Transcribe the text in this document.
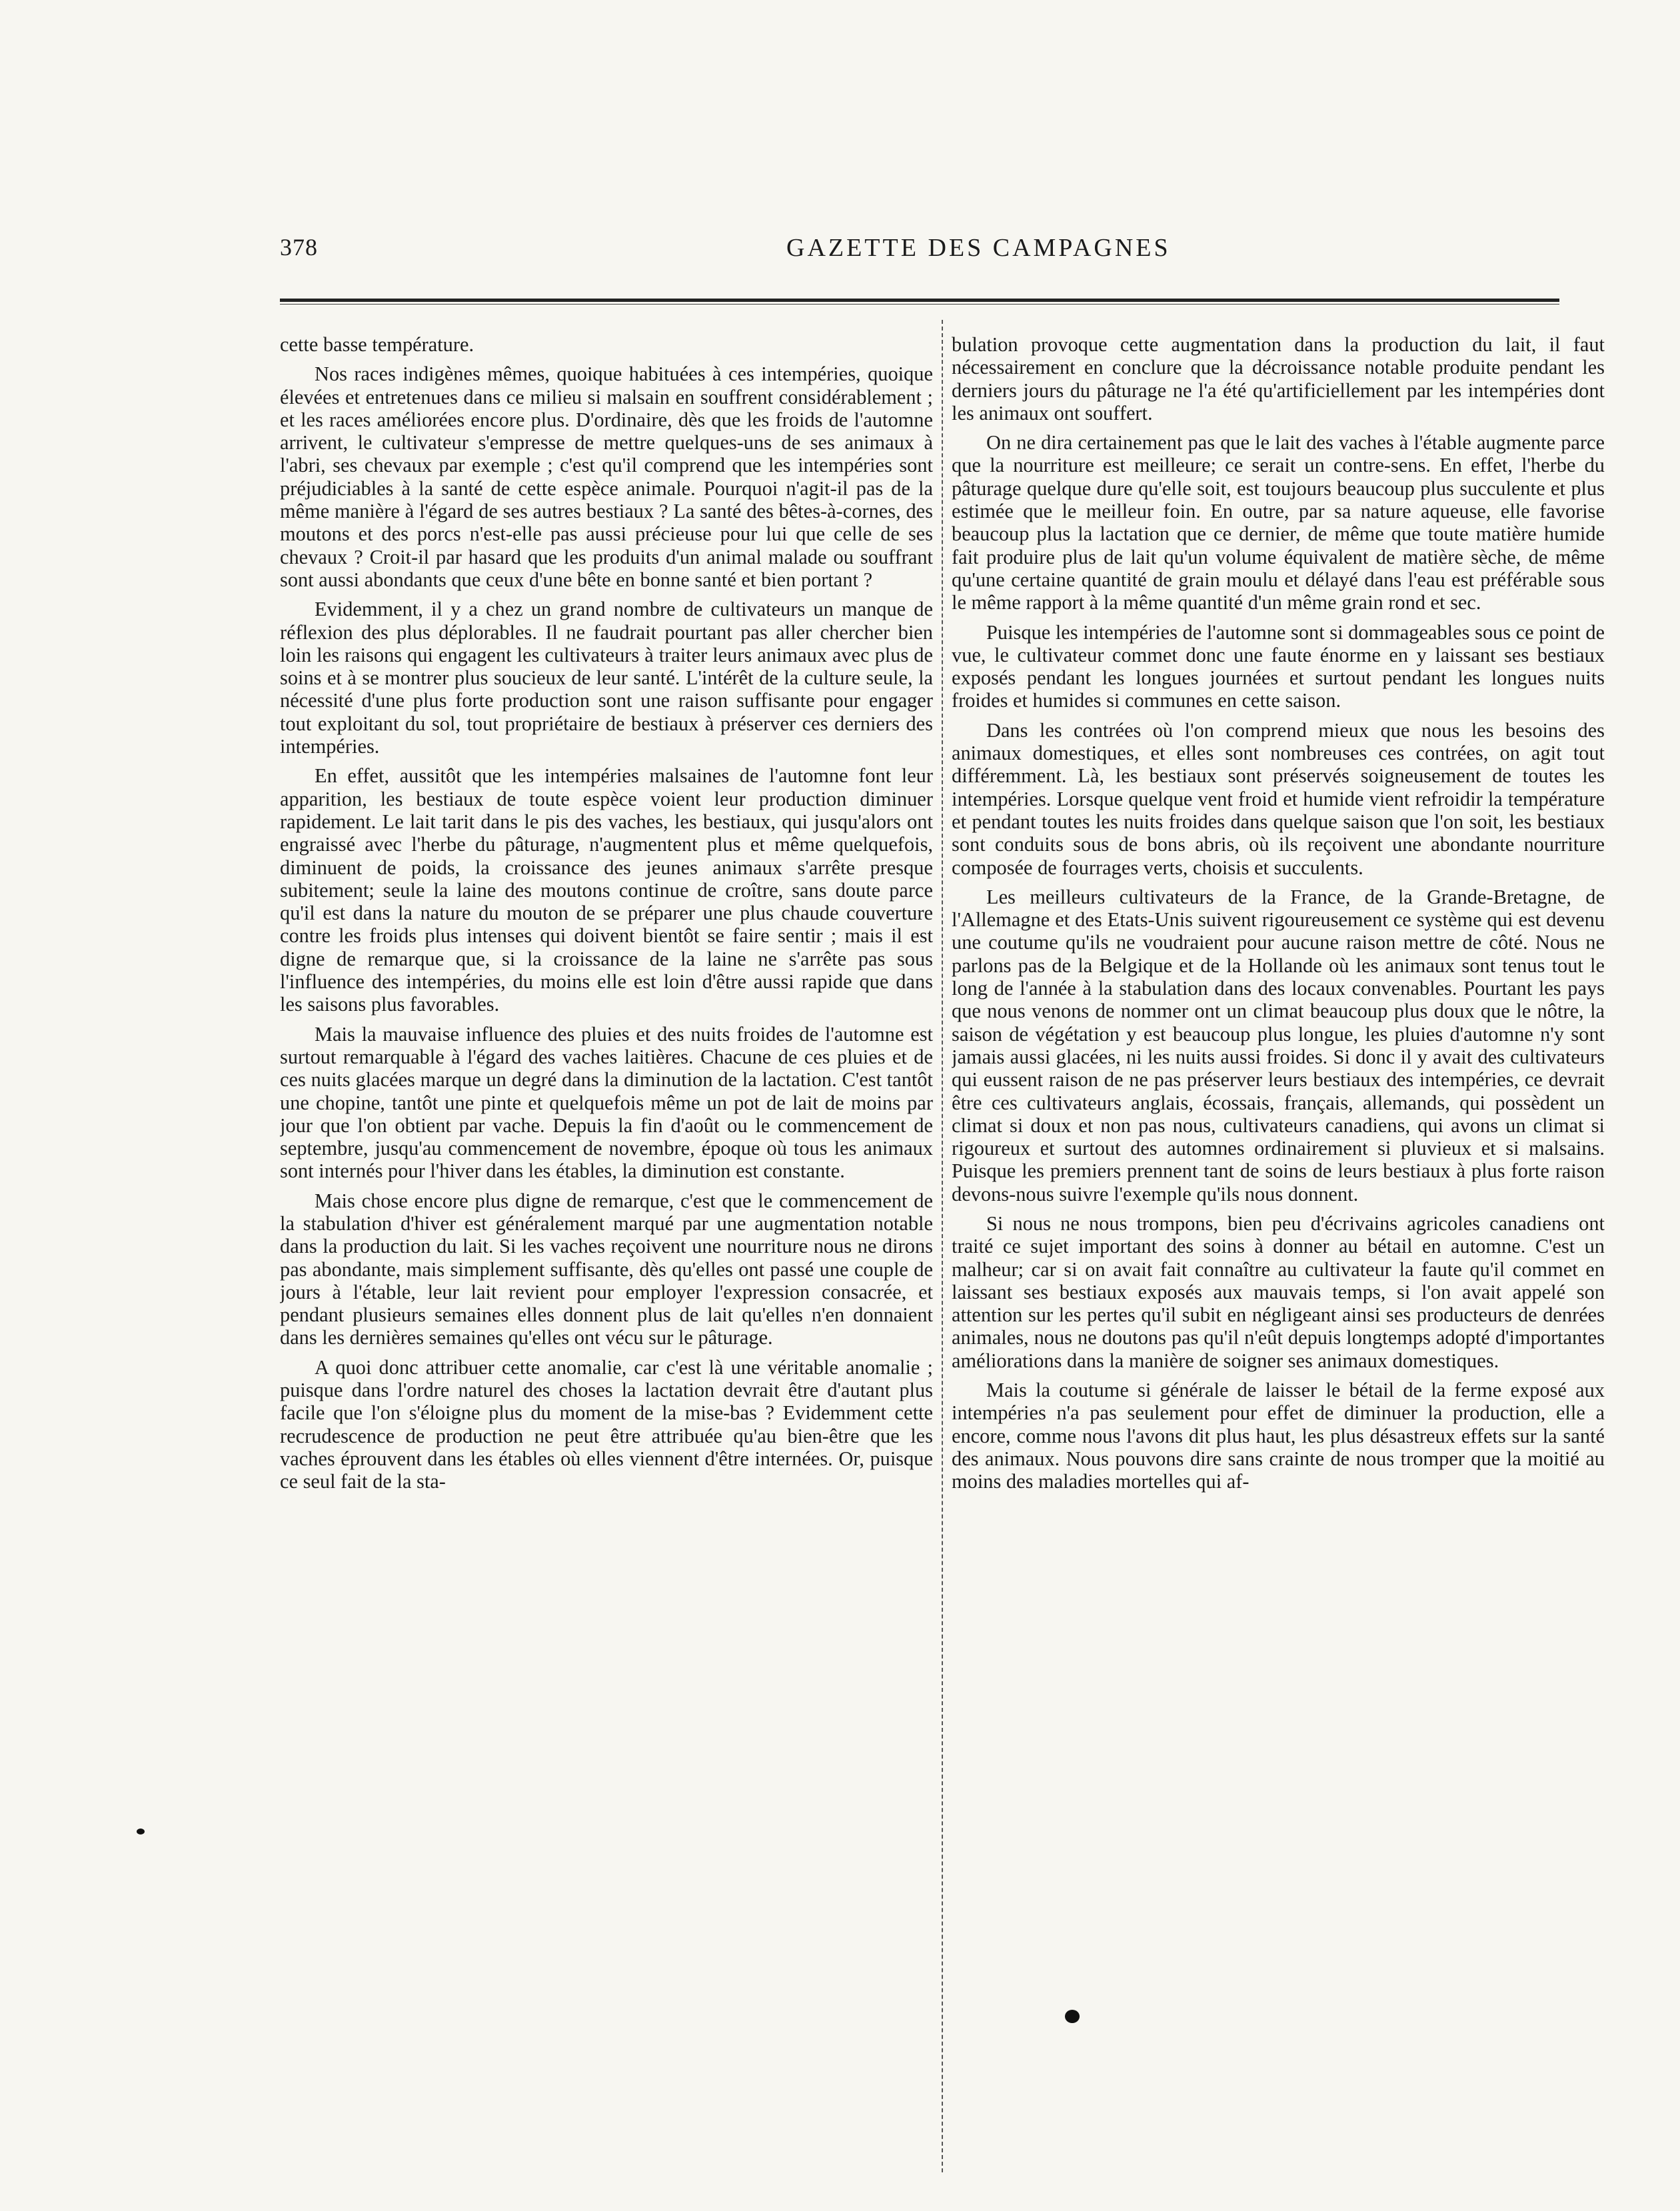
378	GAZETTE DES CAMPAGNES

cette basse température.

Nos races indigènes mêmes, quoique habituées à ces intempéries, quoique élevées et entretenues dans ce milieu si malsain en souffrent considérablement ; et les races améliorées encore plus. D'ordinaire, dès que les froids de l'automne arrivent, le cultivateur s'empresse de mettre quelques-uns de ses animaux à l'abri, ses chevaux par exemple ; c'est qu'il comprend que les intempéries sont préjudiciables à la santé de cette espèce animale. Pourquoi n'agit-il pas de la même manière à l'égard de ses autres bestiaux ? La santé des bêtes-à-cornes, des moutons et des porcs n'est-elle pas aussi précieuse pour lui que celle de ses chevaux ? Croit-il par hasard que les produits d'un animal malade ou souffrant sont aussi abondants que ceux d'une bête en bonne santé et bien portant ?

Evidemment, il y a chez un grand nombre de cultivateurs un manque de réflexion des plus déplorables. Il ne faudrait pourtant pas aller chercher bien loin les raisons qui engagent les cultivateurs à traiter leurs animaux avec plus de soins et à se montrer plus soucieux de leur santé. L'intérêt de la culture seule, la nécessité d'une plus forte production sont une raison suffisante pour engager tout exploitant du sol, tout propriétaire de bestiaux à préserver ces derniers des intempéries.

En effet, aussitôt que les intempéries malsaines de l'automne font leur apparition, les bestiaux de toute espèce voient leur production diminuer rapidement. Le lait tarit dans le pis des vaches, les bestiaux, qui jusqu'alors ont engraissé avec l'herbe du pâturage, n'augmentent plus et même quelquefois, diminuent de poids, la croissance des jeunes animaux s'arrête presque subitement; seule la laine des moutons continue de croître, sans doute parce qu'il est dans la nature du mouton de se préparer une plus chaude couverture contre les froids plus intenses qui doivent bientôt se faire sentir ; mais il est digne de remarque que, si la croissance de la laine ne s'arrête pas sous l'influence des intempéries, du moins elle est loin d'être aussi rapide que dans les saisons plus favorables.

Mais la mauvaise influence des pluies et des nuits froides de l'automne est surtout remarquable à l'égard des vaches laitières. Chacune de ces pluies et de ces nuits glacées marque un degré dans la diminution de la lactation. C'est tantôt une chopine, tantôt une pinte et quelquefois même un pot de lait de moins par jour que l'on obtient par vache. Depuis la fin d'août ou le commencement de septembre, jusqu'au commencement de novembre, époque où tous les animaux sont internés pour l'hiver dans les étables, la diminution est constante.

Mais chose encore plus digne de remarque, c'est que le commencement de la stabulation d'hiver est généralement marqué par une augmentation notable dans la production du lait. Si les vaches reçoivent une nourriture nous ne dirons pas abondante, mais simplement suffisante, dès qu'elles ont passé une couple de jours à l'étable, leur lait revient pour employer l'expression consacrée, et pendant plusieurs semaines elles donnent plus de lait qu'elles n'en donnaient dans les dernières semaines qu'elles ont vécu sur le pâturage.

A quoi donc attribuer cette anomalie, car c'est là une véritable anomalie ; puisque dans l'ordre naturel des choses la lactation devrait être d'autant plus facile que l'on s'éloigne plus du moment de la mise-bas ? Evidemment cette recrudescence de production ne peut être attribuée qu'au bien-être que les vaches éprouvent dans les étables où elles viennent d'être internées. Or, puisque ce seul fait de la sta-

bulation provoque cette augmentation dans la production du lait, il faut nécessairement en conclure que la décroissance notable produite pendant les derniers jours du pâturage ne l'a été qu'artificiellement par les intempéries dont les animaux ont souffert.

On ne dira certainement pas que le lait des vaches à l'étable augmente parce que la nourriture est meilleure; ce serait un contre-sens. En effet, l'herbe du pâturage quelque dure qu'elle soit, est toujours beaucoup plus succulente et plus estimée que le meilleur foin. En outre, par sa nature aqueuse, elle favorise beaucoup plus la lactation que ce dernier, de même que toute matière humide fait produire plus de lait qu'un volume équivalent de matière sèche, de même qu'une certaine quantité de grain moulu et délayé dans l'eau est préférable sous le même rapport à la même quantité d'un même grain rond et sec.

Puisque les intempéries de l'automne sont si dommageables sous ce point de vue, le cultivateur commet donc une faute énorme en y laissant ses bestiaux exposés pendant les longues journées et surtout pendant les longues nuits froides et humides si communes en cette saison.

Dans les contrées où l'on comprend mieux que nous les besoins des animaux domestiques, et elles sont nombreuses ces contrées, on agit tout différemment. Là, les bestiaux sont préservés soigneusement de toutes les intempéries. Lorsque quelque vent froid et humide vient refroidir la température et pendant toutes les nuits froides dans quelque saison que l'on soit, les bestiaux sont conduits sous de bons abris, où ils reçoivent une abondante nourriture composée de fourrages verts, choisis et succulents.

Les meilleurs cultivateurs de la France, de la Grande-Bretagne, de l'Allemagne et des Etats-Unis suivent rigoureusement ce système qui est devenu une coutume qu'ils ne voudraient pour aucune raison mettre de côté. Nous ne parlons pas de la Belgique et de la Hollande où les animaux sont tenus tout le long de l'année à la stabulation dans des locaux convenables. Pourtant les pays que nous venons de nommer ont un climat beaucoup plus doux que le nôtre, la saison de végétation y est beaucoup plus longue, les pluies d'automne n'y sont jamais aussi glacées, ni les nuits aussi froides. Si donc il y avait des cultivateurs qui eussent raison de ne pas préserver leurs bestiaux des intempéries, ce devrait être ces cultivateurs anglais, écossais, français, allemands, qui possèdent un climat si doux et non pas nous, cultivateurs canadiens, qui avons un climat si rigoureux et surtout des automnes ordinairement si pluvieux et si malsains. Puisque les premiers prennent tant de soins de leurs bestiaux à plus forte raison devons-nous suivre l'exemple qu'ils nous donnent.

Si nous ne nous trompons, bien peu d'écrivains agricoles canadiens ont traité ce sujet important des soins à donner au bétail en automne. C'est un malheur; car si on avait fait connaître au cultivateur la faute qu'il commet en laissant ses bestiaux exposés aux mauvais temps, si l'on avait appelé son attention sur les pertes qu'il subit en négligeant ainsi ses producteurs de denrées animales, nous ne doutons pas qu'il n'eût depuis longtemps adopté d'importantes améliorations dans la manière de soigner ses animaux domestiques.

Mais la coutume si générale de laisser le bétail de la ferme exposé aux intempéries n'a pas seulement pour effet de diminuer la production, elle a encore, comme nous l'avons dit plus haut, les plus désastreux effets sur la santé des animaux. Nous pouvons dire sans crainte de nous tromper que la moitié au moins des maladies mortelles qui af-
